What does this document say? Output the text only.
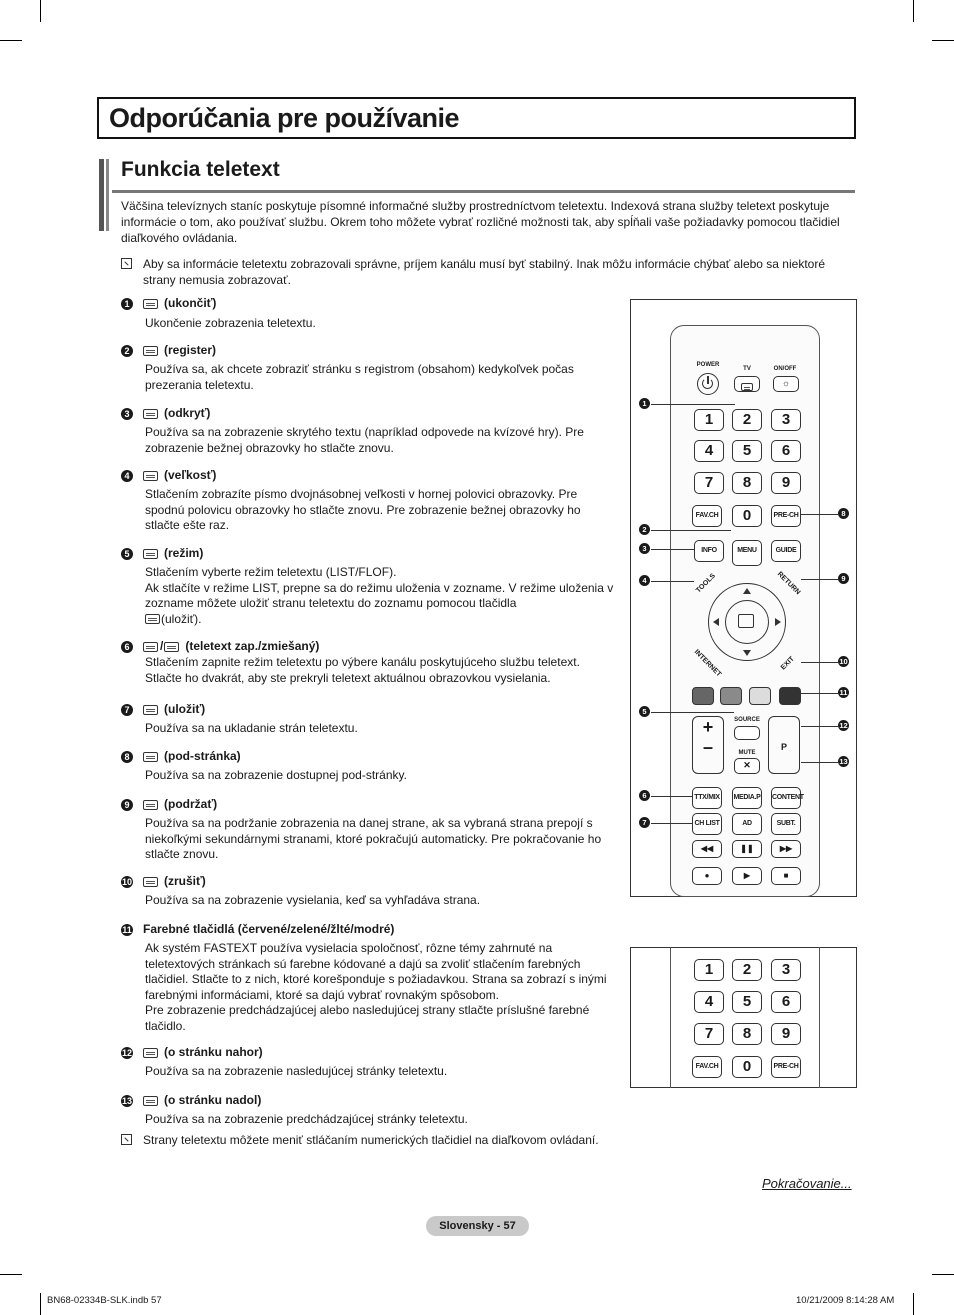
Odporúčania pre používanie
Funkcia teletext
Väčšina televíznych staníc poskytuje písomné informačné služby prostredníctvom teletextu. Indexová strana služby teletext poskytuje informácie o tom, ako používať službu. Okrem toho môžete vybrať rozličné možnosti tak, aby spĺňali vaše požiadavky pomocou tlačidiel diaľkového ovládania.
Aby sa informácie teletextu zobrazovali správne, príjem kanálu musí byť stabilný. Inak môžu informácie chýbať alebo sa niektoré strany nemusia zobrazovať.
1	(ukončiť)
Ukončenie zobrazenia teletextu.
2	(register)
Používa sa, ak chcete zobraziť stránku s registrom (obsahom) kedykoľvek počas prezerania teletextu.
3	(odkryť)
Používa sa na zobrazenie skrytého textu (napríklad odpovede na kvízové hry). Pre zobrazenie bežnej obrazovky ho stlačte znovu.
4	(veľkosť)
Stlačením zobrazíte písmo dvojnásobnej veľkosti v hornej polovici obrazovky. Pre spodnú polovicu obrazovky ho stlačte znovu. Pre zobrazenie bežnej obrazovky ho stlačte ešte raz.
5	(režim)
Stlačením vyberte režim teletextu (LIST/FLOF).
Ak stlačíte v režime LIST, prepne sa do režimu uloženia v zozname. V režime uloženia v zozname môžete uložiť stranu teletextu do zoznamu pomocou tlačidla
(uložiť).
6	/ (teletext zap./zmiešaný)
Stlačením zapnite režim teletextu po výbere kanálu poskytujúceho službu teletext. Stlačte ho dvakrát, aby ste prekryli teletext aktuálnou obrazovkou vysielania.
7	(uložiť)
Používa sa na ukladanie strán teletextu.
8	(pod-stránka)
Používa sa na zobrazenie dostupnej pod-stránky.
9	(podržať)
Používa sa na podržanie zobrazenia na danej strane, ak sa vybraná strana prepojí s niekoľkými sekundárnymi stranami, ktoré pokračujú automaticky. Pre pokračovanie ho stlačte znovu.
10	(zrušiť)
Používa sa na zobrazenie vysielania, keď sa vyhľadáva strana.
11 Farebné tlačidlá (červené/zelené/žlté/modré)
Ak systém FASTEXT používa vysielacia spoločnosť, rôzne témy zahrnuté na teletextových stránkach sú farebne kódované a dajú sa zvoliť stlačením farebných tlačidiel. Stlačte to z nich, ktoré korešponduje s požiadavkou. Strana sa zobrazí s inými farebnými informáciami, ktoré sa dajú vybrať rovnakým spôsobom.
Pre zobrazenie predchádzajúcej alebo nasledujúcej strany stlačte príslušné farebné tlačidlo.
12	(o stránku nahor)
Používa sa na zobrazenie nasledujúcej stránky teletextu.
13	(o stránku nadol)
Používa sa na zobrazenie predchádzajúcej stránky teletextu.
Strany teletextu môžete meniť stláčaním numerických tlačidiel na diaľkovom ovládaní.
POWER
TV	ON/OFF
☼
1	2	3
4	5	6
7	8	9
FAV.CH	0	PRE-CH
INFO	MENU	GUIDE
TOOLS	RETURN
INTERNET	EXIT
+
–
SOURCE
MUTE
✕
P
TTX/MIX	MEDIA.P CONTENT
CH LIST	AD	SUBT.
◀◀	❚❚	▶▶
●	▶	■
1
2
3
4
5
6
7
8
9
10
11
12
13
1	2	3
4	5	6
7	8	9
FAV.CH	0	PRE-CH
Pokračovanie...
Slovensky - 57
BN68-02334B-SLK.indb 57	10/21/2009 8:14:28 AM
